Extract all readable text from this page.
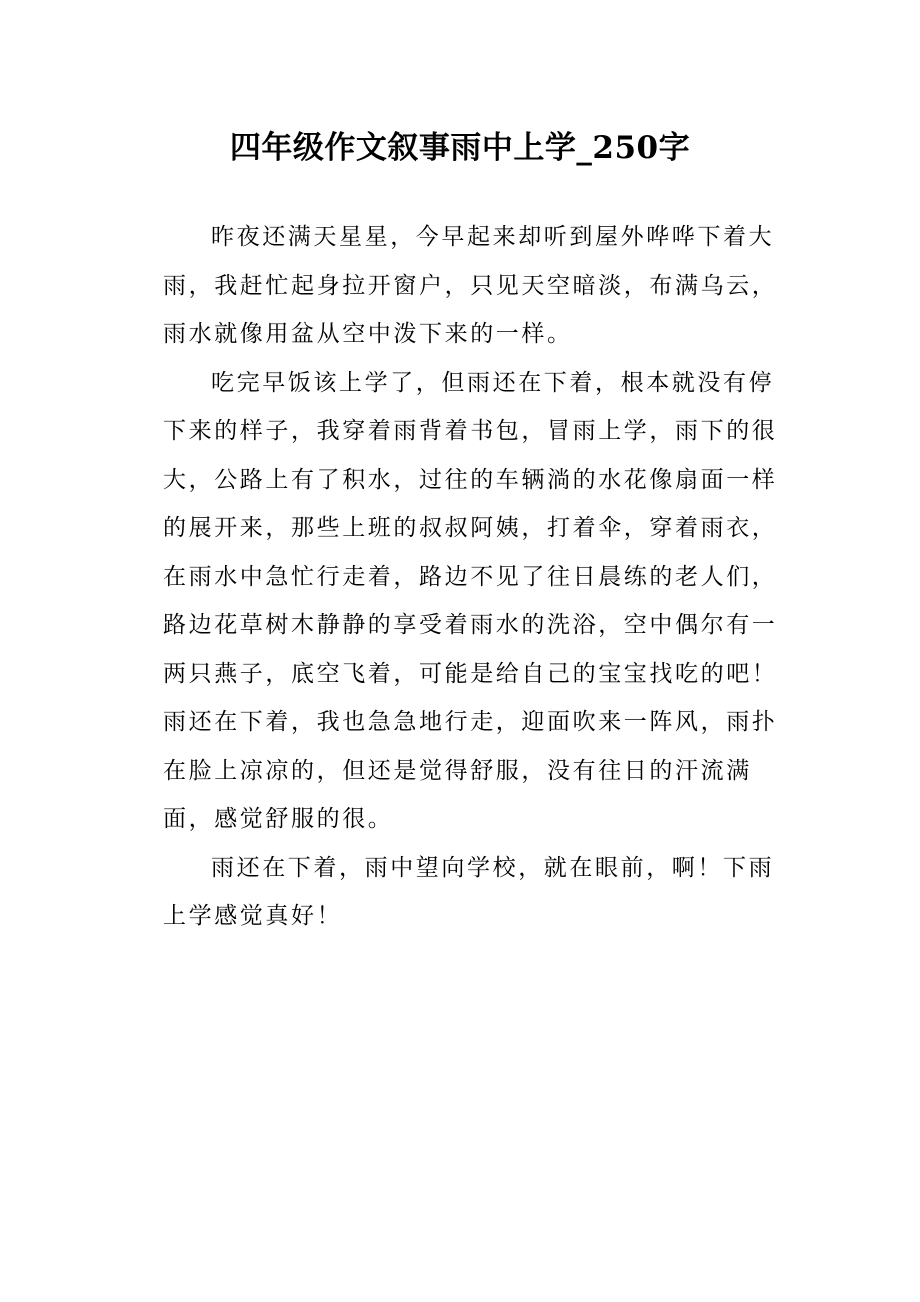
四年级作文叙事雨中上学_250字

昨夜还满天星星，今早起来却听到屋外哗哗下着大雨，我赶忙起身拉开窗户，只见天空暗淡，布满乌云，雨水就像用盆从空中泼下来的一样。

吃完早饭该上学了，但雨还在下着，根本就没有停下来的样子，我穿着雨背着书包，冒雨上学，雨下的很大，公路上有了积水，过往的车辆淌的水花像扇面一样的展开来，那些上班的叔叔阿姨，打着伞，穿着雨衣，在雨水中急忙行走着，路边不见了往日晨练的老人们，路边花草树木静静的享受着雨水的洗浴，空中偶尔有一两只燕子，底空飞着，可能是给自己的宝宝找吃的吧！雨还在下着，我也急急地行走，迎面吹来一阵风，雨扑在脸上凉凉的，但还是觉得舒服，没有往日的汗流满面，感觉舒服的很。

雨还在下着，雨中望向学校，就在眼前，啊！下雨上学感觉真好！
